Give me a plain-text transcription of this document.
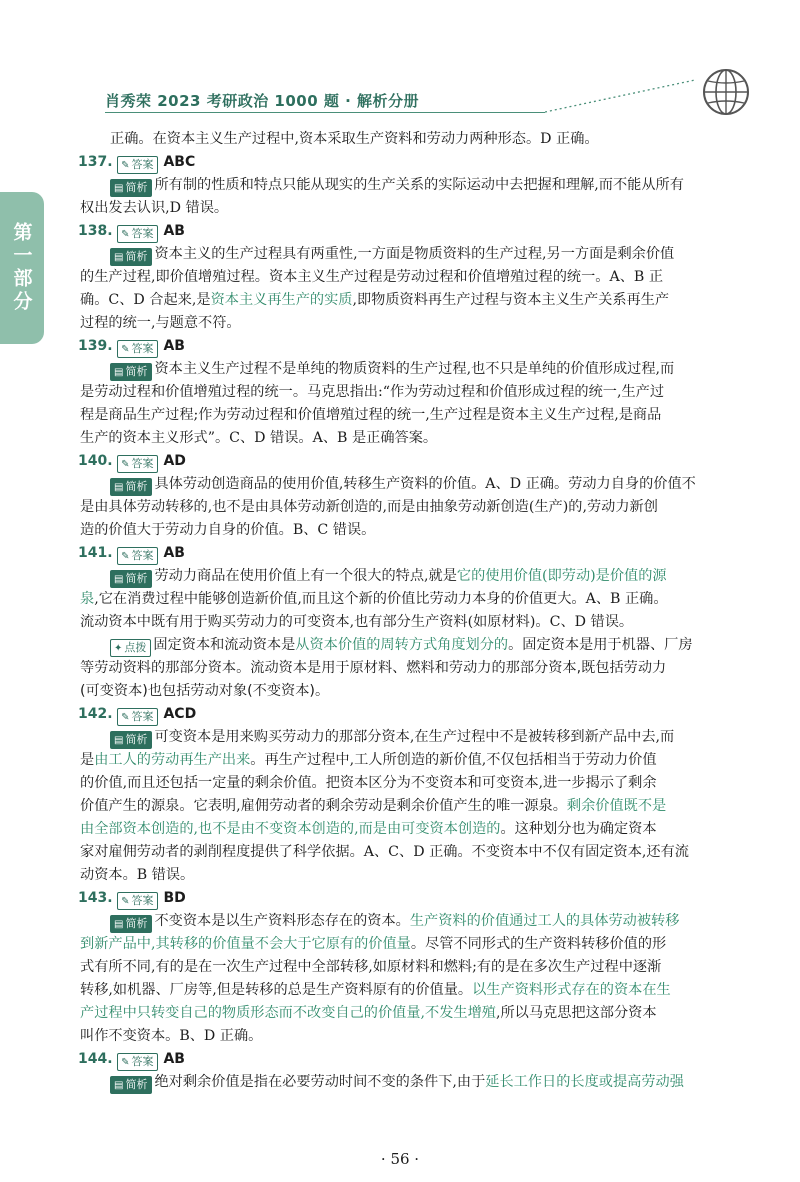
肖秀荣 2023 考研政治 1000 题 · 解析分册
第一部分
正确。在资本主义生产过程中,资本采取生产资料和劳动力两种形态。D 正确。
137. ✎ 答案 ABC
▤ 简析 所有制的性质和特点只能从现实的生产关系的实际运动中去把握和理解,而不能从所有
权出发去认识,D 错误。
138. ✎ 答案 AB
▤ 简析 资本主义的生产过程具有两重性,一方面是物质资料的生产过程,另一方面是剩余价值
的生产过程,即价值增殖过程。资本主义生产过程是劳动过程和价值增殖过程的统一。A、B 正
确。C、D 合起来,是资本主义再生产的实质,即物质资料再生产过程与资本主义生产关系再生产
过程的统一,与题意不符。
139. ✎ 答案 AB
▤ 简析 资本主义生产过程不是单纯的物质资料的生产过程,也不只是单纯的价值形成过程,而
是劳动过程和价值增殖过程的统一。马克思指出:“作为劳动过程和价值形成过程的统一,生产过
程是商品生产过程;作为劳动过程和价值增殖过程的统一,生产过程是资本主义生产过程,是商品
生产的资本主义形式”。C、D 错误。A、B 是正确答案。
140. ✎ 答案 AD
▤ 简析 具体劳动创造商品的使用价值,转移生产资料的价值。A、D 正确。劳动力自身的价值不
是由具体劳动转移的,也不是由具体劳动新创造的,而是由抽象劳动新创造(生产)的,劳动力新创
造的价值大于劳动力自身的价值。B、C 错误。
141. ✎ 答案 AB
▤ 简析 劳动力商品在使用价值上有一个很大的特点,就是它的使用价值(即劳动)是价值的源
泉,它在消费过程中能够创造新价值,而且这个新的价值比劳动力本身的价值更大。A、B 正确。
流动资本中既有用于购买劳动力的可变资本,也有部分生产资料(如原材料)。C、D 错误。
✦ 点拨 固定资本和流动资本是从资本价值的周转方式角度划分的。固定资本是用于机器、厂房
等劳动资料的那部分资本。流动资本是用于原材料、燃料和劳动力的那部分资本,既包括劳动力
(可变资本)也包括劳动对象(不变资本)。
142. ✎ 答案 ACD
▤ 简析 可变资本是用来购买劳动力的那部分资本,在生产过程中不是被转移到新产品中去,而
是由工人的劳动再生产出来。再生产过程中,工人所创造的新价值,不仅包括相当于劳动力价值
的价值,而且还包括一定量的剩余价值。把资本区分为不变资本和可变资本,进一步揭示了剩余
价值产生的源泉。它表明,雇佣劳动者的剩余劳动是剩余价值产生的唯一源泉。剩余价值既不是
由全部资本创造的,也不是由不变资本创造的,而是由可变资本创造的。这种划分也为确定资本
家对雇佣劳动者的剥削程度提供了科学依据。A、C、D 正确。不变资本中不仅有固定资本,还有流
动资本。B 错误。
143. ✎ 答案 BD
▤ 简析 不变资本是以生产资料形态存在的资本。生产资料的价值通过工人的具体劳动被转移
到新产品中,其转移的价值量不会大于它原有的价值量。尽管不同形式的生产资料转移价值的形
式有所不同,有的是在一次生产过程中全部转移,如原材料和燃料;有的是在多次生产过程中逐渐
转移,如机器、厂房等,但是转移的总是生产资料原有的价值量。以生产资料形式存在的资本在生
产过程中只转变自己的物质形态而不改变自己的价值量,不发生增殖,所以马克思把这部分资本
叫作不变资本。B、D 正确。
144. ✎ 答案 AB
▤ 简析 绝对剩余价值是指在必要劳动时间不变的条件下,由于延长工作日的长度或提高劳动强
· 56 ·
